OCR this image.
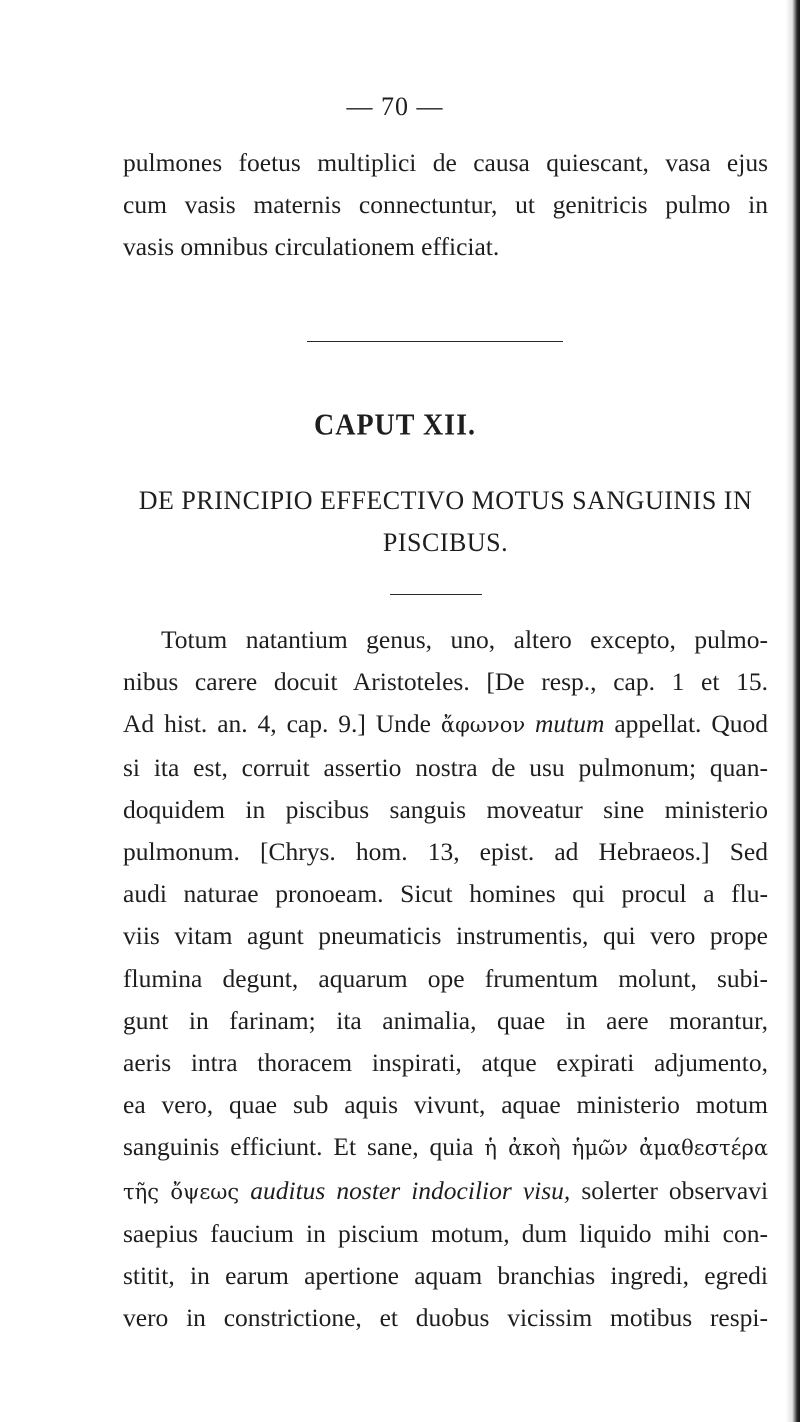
— 70 —
pulmones foetus multiplici de causa quiescant, vasa ejus
cum vasis maternis connectuntur, ut genitricis pulmo in
vasis omnibus circulationem efficiat.
CAPUT XII.
DE PRINCIPIO EFFECTIVO MOTUS SANGUINIS IN
PISCIBUS.
Totum natantium genus, uno, altero excepto, pulmo-
nibus carere docuit Aristoteles. [De resp., cap. 1 et 15.
Ad hist. an. 4, cap. 9.] Unde ἄφωνον mutum appellat. Quod
si ita est, corruit assertio nostra de usu pulmonum; quan-
doquidem in piscibus sanguis moveatur sine ministerio
pulmonum. [Chrys. hom. 13, epist. ad Hebraeos.] Sed
audi naturae pronoeam. Sicut homines qui procul a flu-
viis vitam agunt pneumaticis instrumentis, qui vero prope
flumina degunt, aquarum ope frumentum molunt, subi-
gunt in farinam; ita animalia, quae in aere morantur,
aeris intra thoracem inspirati, atque expirati adjumento,
ea vero, quae sub aquis vivunt, aquae ministerio motum
sanguinis efficiunt. Et sane, quia ἡ ἀκοὴ ἡμῶν ἀμαθεστέρα
τῆς ὄψεως auditus noster indocilior visu, solerter observavi
saepius faucium in piscium motum, dum liquido mihi con-
stitit, in earum apertione aquam branchias ingredi, egredi
vero in constrictione, et duobus vicissim motibus respi-
